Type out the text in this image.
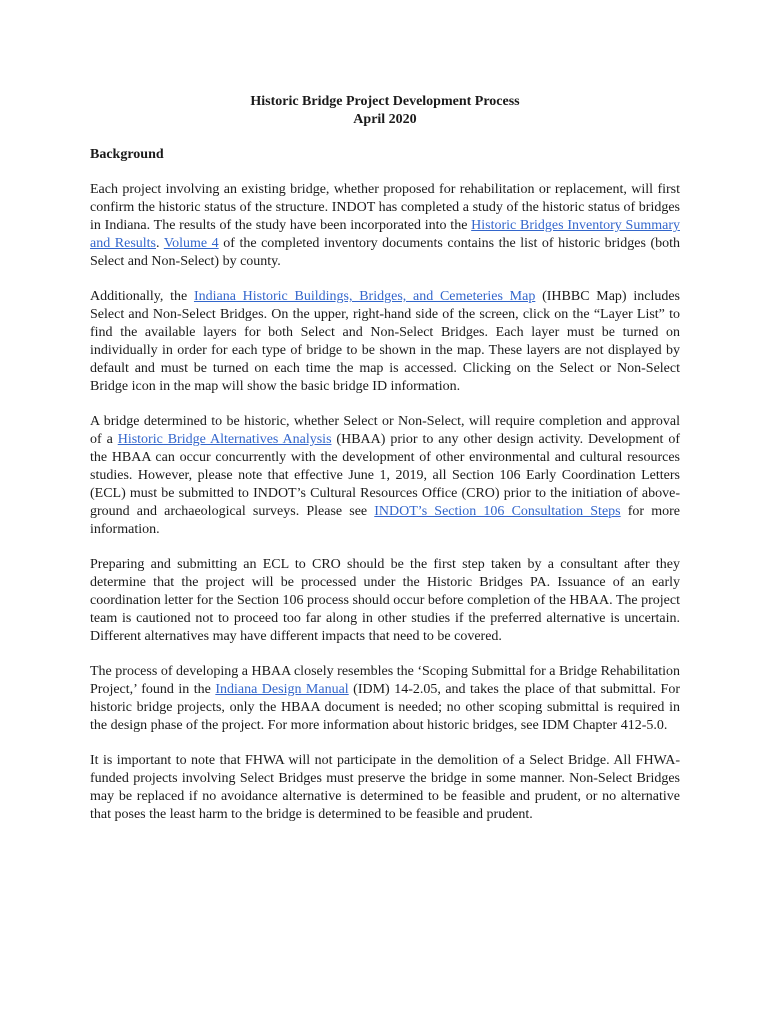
Historic Bridge Project Development Process
April 2020
Background

Each project involving an existing bridge, whether proposed for rehabilitation or replacement, will first confirm the historic status of the structure. INDOT has completed a study of the historic status of bridges in Indiana. The results of the study have been incorporated into the Historic Bridges Inventory Summary and Results. Volume 4 of the completed inventory documents contains the list of historic bridges (both Select and Non-Select) by county.

Additionally, the Indiana Historic Buildings, Bridges, and Cemeteries Map (IHBBC Map) includes Select and Non-Select Bridges. On the upper, right-hand side of the screen, click on the “Layer List” to find the available layers for both Select and Non-Select Bridges. Each layer must be turned on individually in order for each type of bridge to be shown in the map. These layers are not displayed by default and must be turned on each time the map is accessed. Clicking on the Select or Non-Select Bridge icon in the map will show the basic bridge ID information.

A bridge determined to be historic, whether Select or Non-Select, will require completion and approval of a Historic Bridge Alternatives Analysis (HBAA) prior to any other design activity. Development of the HBAA can occur concurrently with the development of other environmental and cultural resources studies. However, please note that effective June 1, 2019, all Section 106 Early Coordination Letters (ECL) must be submitted to INDOT’s Cultural Resources Office (CRO) prior to the initiation of above-ground and archaeological surveys. Please see INDOT’s Section 106 Consultation Steps for more information.

Preparing and submitting an ECL to CRO should be the first step taken by a consultant after they determine that the project will be processed under the Historic Bridges PA. Issuance of an early coordination letter for the Section 106 process should occur before completion of the HBAA. The project team is cautioned not to proceed too far along in other studies if the preferred alternative is uncertain. Different alternatives may have different impacts that need to be covered.

The process of developing a HBAA closely resembles the ‘Scoping Submittal for a Bridge Rehabilitation Project,’ found in the Indiana Design Manual (IDM) 14-2.05, and takes the place of that submittal. For historic bridge projects, only the HBAA document is needed; no other scoping submittal is required in the design phase of the project. For more information about historic bridges, see IDM Chapter 412-5.0.

It is important to note that FHWA will not participate in the demolition of a Select Bridge. All FHWA-funded projects involving Select Bridges must preserve the bridge in some manner. Non-Select Bridges may be replaced if no avoidance alternative is determined to be feasible and prudent, or no alternative that poses the least harm to the bridge is determined to be feasible and prudent.
